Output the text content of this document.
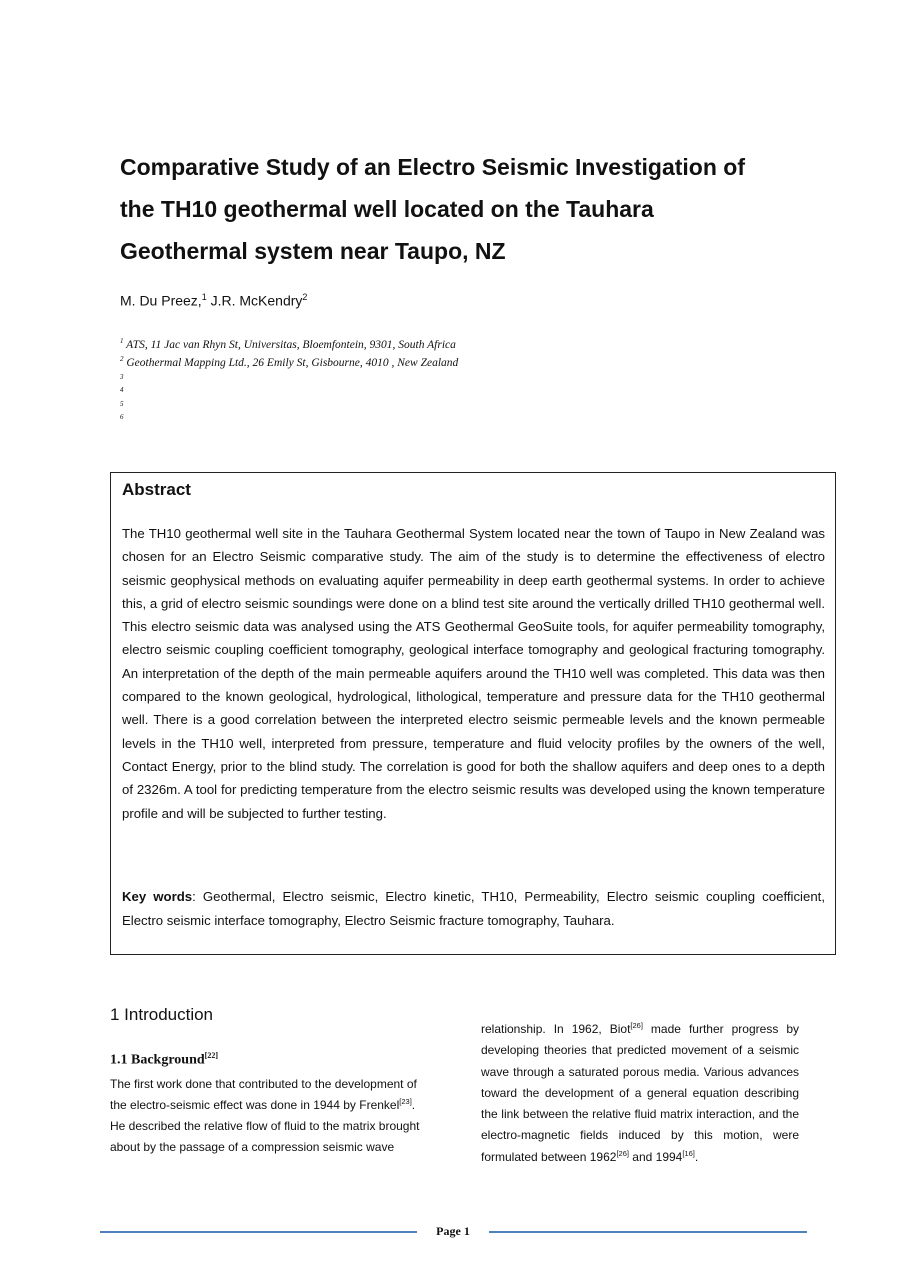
Comparative Study of an Electro Seismic Investigation of
the TH10 geothermal well located on the Tauhara
Geothermal system near Taupo, NZ
M. Du Preez,$^1$ J.R. McKendry$^2$
$^1$ ATS, 11 Jac van Rhyn St, Universitas, Bloemfontein, 9301, South Africa
$^2$ Geothermal Mapping Ltd., 26 Emily St, Gisbourne, 4010 , New Zealand
$^3$
$^4$
$^5$
$^6$
Abstract

The TH10 geothermal well site in the Tauhara Geothermal System located near the town of Taupo in New Zealand was chosen for an Electro Seismic comparative study. The aim of the study is to determine the effectiveness of electro seismic geophysical methods on evaluating aquifer permeability in deep earth geothermal systems. In order to achieve this, a grid of electro seismic soundings were done on a blind test site around the vertically drilled TH10 geothermal well. This electro seismic data was analysed using the ATS Geothermal GeoSuite tools, for aquifer permeability tomography, electro seismic coupling coefficient tomography, geological interface tomography and geological fracturing tomography. An interpretation of the depth of the main permeable aquifers around the TH10 well was completed. This data was then compared to the known geological, hydrological, lithological, temperature and pressure data for the TH10 geothermal well. There is a good correlation between the interpreted electro seismic permeable levels and the known permeable levels in the TH10 well, interpreted from pressure, temperature and fluid velocity profiles by the owners of the well, Contact Energy, prior to the blind study. The correlation is good for both the shallow aquifers and deep ones to a depth of 2326m. A tool for predicting temperature from the electro seismic results was developed using the known temperature profile and will be subjected to further testing.

Key words: Geothermal, Electro seismic, Electro kinetic, TH10, Permeability, Electro seismic coupling coefficient, Electro seismic interface tomography, Electro Seismic fracture tomography, Tauhara.

1 Introduction
1.1 Background[22]

The first work done that contributed to the development of the electro-seismic effect was done in 1944 by Frenkel[23]. He described the relative flow of fluid to the matrix brought about by the passage of a compression seismic wave

relationship. In 1962, Biot[26] made further progress by developing theories that predicted movement of a seismic wave through a saturated porous media. Various advances toward the development of a general equation describing the link between the relative fluid matrix interaction, and the electro-magnetic fields induced by this motion, were formulated between 1962[26] and 1994[16].

Page 1
